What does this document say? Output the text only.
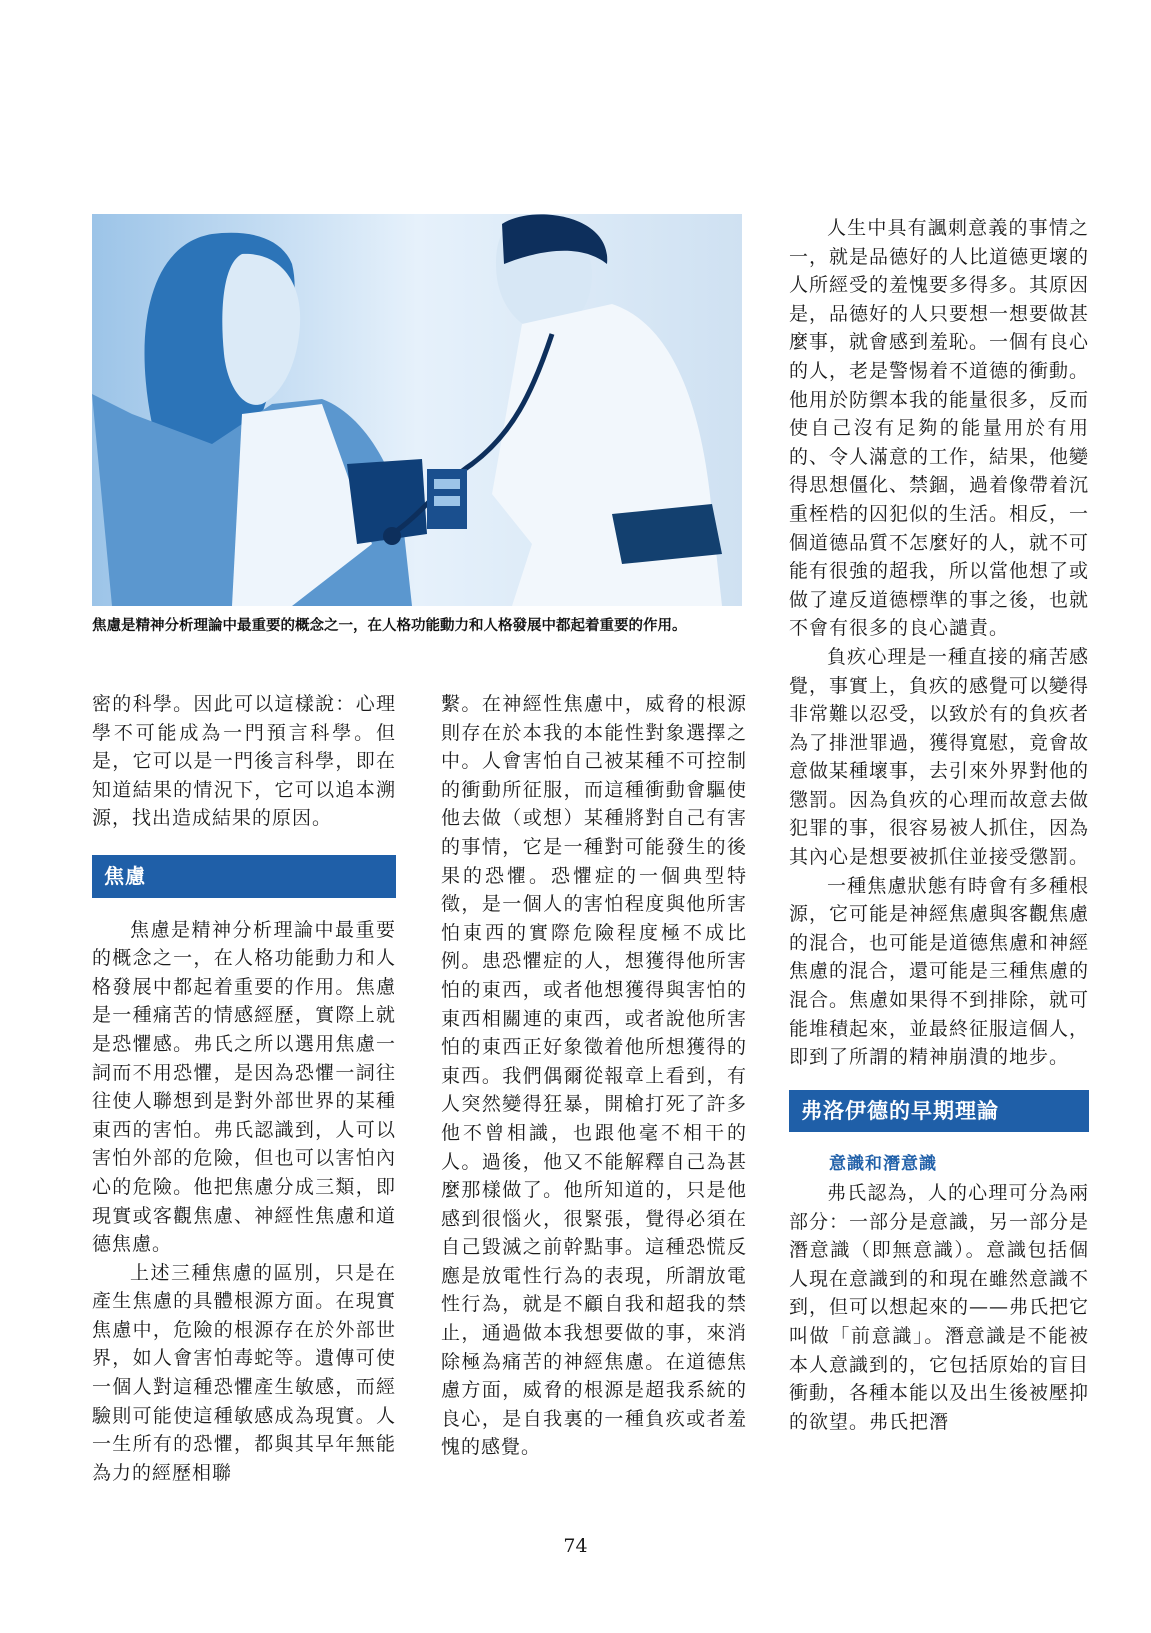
焦慮是精神分析理論中最重要的概念之一，在人格功能動力和人格發展中都起着重要的作用。

密的科學。因此可以這樣說：心理學不可能成為一門預言科學。但是，它可以是一門後言科學，即在知道結果的情況下，它可以追本溯源，找出造成結果的原因。

焦慮

焦慮是精神分析理論中最重要的概念之一，在人格功能動力和人格發展中都起着重要的作用。焦慮是一種痛苦的情感經歷，實際上就是恐懼感。弗氏之所以選用焦慮一詞而不用恐懼，是因為恐懼一詞往往使人聯想到是對外部世界的某種東西的害怕。弗氏認識到，人可以害怕外部的危險，但也可以害怕內心的危險。他把焦慮分成三類，即現實或客觀焦慮、神經性焦慮和道德焦慮。

上述三種焦慮的區別，只是在產生焦慮的具體根源方面。在現實焦慮中，危險的根源存在於外部世界，如人會害怕毒蛇等。遺傳可使一個人對這種恐懼產生敏感，而經驗則可能使這種敏感成為現實。人一生所有的恐懼，都與其早年無能為力的經歷相聯

繫。在神經性焦慮中，威脅的根源則存在於本我的本能性對象選擇之中。人會害怕自己被某種不可控制的衝動所征服，而這種衝動會驅使他去做（或想）某種將對自己有害的事情，它是一種對可能發生的後果的恐懼。恐懼症的一個典型特徵，是一個人的害怕程度與他所害怕東西的實際危險程度極不成比例。患恐懼症的人，想獲得他所害怕的東西，或者他想獲得與害怕的東西相關連的東西，或者說他所害怕的東西正好象徵着他所想獲得的東西。我們偶爾從報章上看到，有人突然變得狂暴，開槍打死了許多他不曾相識，也跟他毫不相干的人。過後，他又不能解釋自己為甚麼那樣做了。他所知道的，只是他感到很惱火，很緊張，覺得必須在自己毀滅之前幹點事。這種恐慌反應是放電性行為的表現，所謂放電性行為，就是不顧自我和超我的禁止，通過做本我想要做的事，來消除極為痛苦的神經焦慮。在道德焦慮方面，威脅的根源是超我系統的良心，是自我裏的一種負疚或者羞愧的感覺。

人生中具有諷刺意義的事情之一，就是品德好的人比道德更壞的人所經受的羞愧要多得多。其原因是，品德好的人只要想一想要做甚麼事，就會感到羞恥。一個有良心的人，老是警惕着不道德的衝動。他用於防禦本我的能量很多，反而使自己沒有足夠的能量用於有用的、令人滿意的工作，結果，他變得思想僵化、禁錮，過着像帶着沉重桎梏的囚犯似的生活。相反，一個道德品質不怎麼好的人，就不可能有很強的超我，所以當他想了或做了違反道德標準的事之後，也就不會有很多的良心譴責。

負疚心理是一種直接的痛苦感覺，事實上，負疚的感覺可以變得非常難以忍受，以致於有的負疚者為了排泄罪過，獲得寬慰，竟會故意做某種壞事，去引來外界對他的懲罰。因為負疚的心理而故意去做犯罪的事，很容易被人抓住，因為其內心是想要被抓住並接受懲罰。

一種焦慮狀態有時會有多種根源，它可能是神經焦慮與客觀焦慮的混合，也可能是道德焦慮和神經焦慮的混合，還可能是三種焦慮的混合。焦慮如果得不到排除，就可能堆積起來，並最終征服這個人，即到了所謂的精神崩潰的地步。

弗洛伊德的早期理論
意識和潛意識

弗氏認為，人的心理可分為兩部分：一部分是意識，另一部分是潛意識（即無意識）。意識包括個人現在意識到的和現在雖然意識不到，但可以想起來的——弗氏把它叫做「前意識」。潛意識是不能被本人意識到的，它包括原始的盲目衝動，各種本能以及出生後被壓抑的欲望。弗氏把潛

74
